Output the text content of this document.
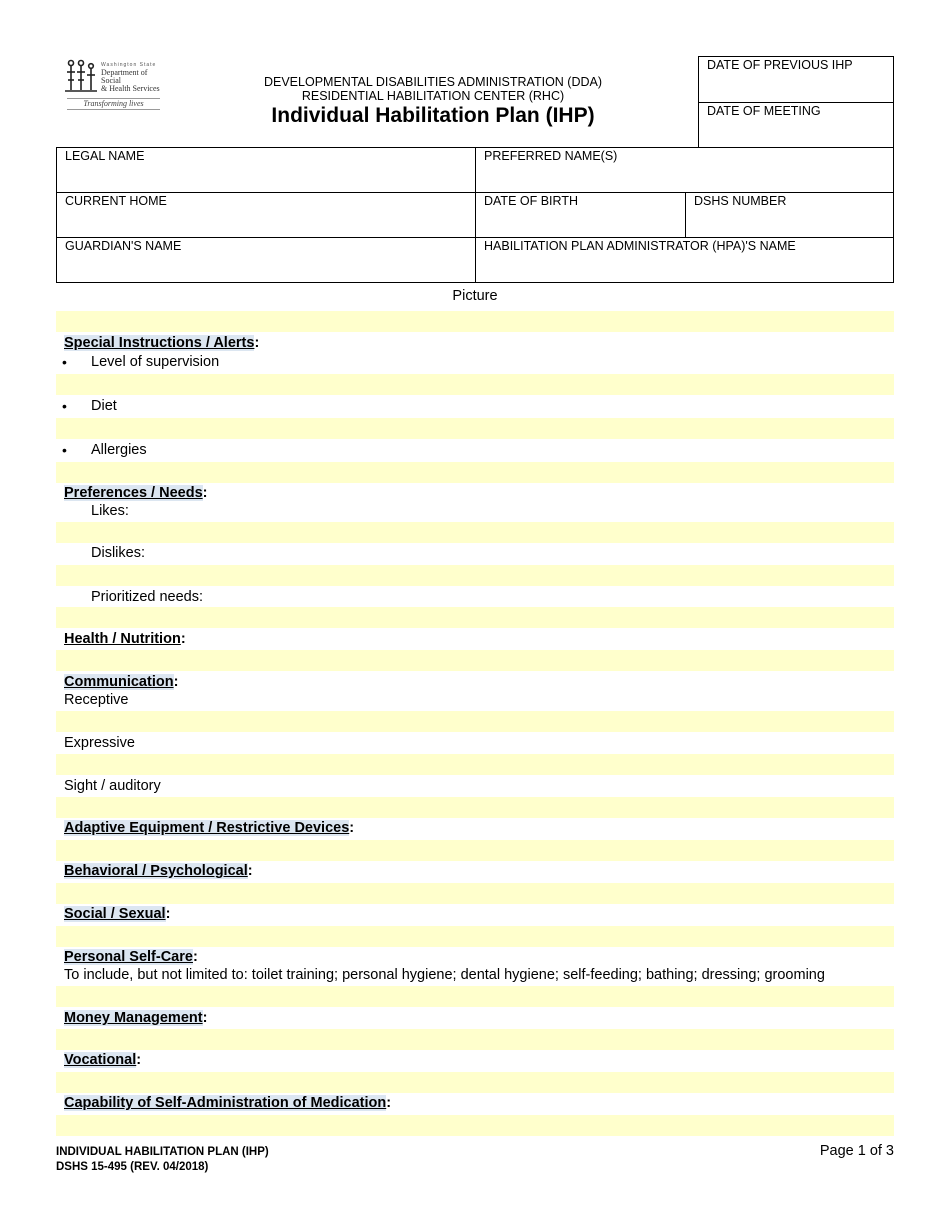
Washington State
Department of Social
& Health Services
Transforming lives
DEVELOPMENTAL DISABILITIES ADMINISTRATION (DDA)
RESIDENTIAL HABILITATION CENTER (RHC)
Individual Habilitation Plan (IHP)
DATE OF PREVIOUS IHP
DATE OF MEETING
LEGAL NAME	PREFERRED NAME(S)
CURRENT HOME	DATE OF BIRTH	DSHS NUMBER
GUARDIAN'S NAME	HABILITATION PLAN ADMINISTRATOR (HPA)'S NAME
Picture
Special Instructions / Alerts:
• Level of supervision
• Diet
• Allergies
Preferences / Needs:
Likes:
Dislikes:
Prioritized needs:
Health / Nutrition:
Communication:
Receptive
Expressive
Sight / auditory
Adaptive Equipment / Restrictive Devices:
Behavioral / Psychological:
Social / Sexual:
Personal Self-Care:
To include, but not limited to: toilet training; personal hygiene; dental hygiene; self-feeding; bathing; dressing; grooming
Money Management:
Vocational:
Capability of Self-Administration of Medication:
INDIVIDUAL HABILITATION PLAN (IHP)
DSHS 15-495 (REV. 04/2018)
Page 1 of 3
